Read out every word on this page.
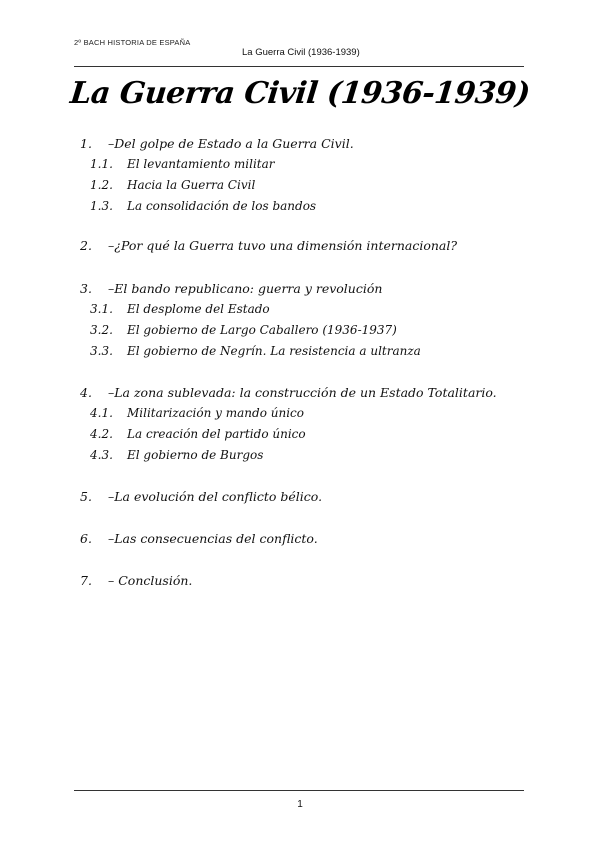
2º BACH HISTORIA DE ESPAÑA
La Guerra Civil (1936-1939)
La Guerra Civil (1936-1939)
1. –Del golpe de Estado a la Guerra Civil.
1.1. El levantamiento militar
1.2. Hacia la Guerra Civil
1.3. La consolidación de los bandos
2. –¿Por qué la Guerra tuvo una dimensión internacional?
3. –El bando republicano: guerra y revolución
3.1. El desplome del Estado
3.2. El gobierno de Largo Caballero (1936-1937)
3.3. El gobierno de Negrín. La resistencia a ultranza
4. –La zona sublevada: la construcción de un Estado Totalitario.
4.1. Militarización y mando único
4.2. La creación del partido único
4.3. El gobierno de Burgos
5. –La evolución del conflicto bélico.
6. –Las consecuencias del conflicto.
7. – Conclusión.
1
